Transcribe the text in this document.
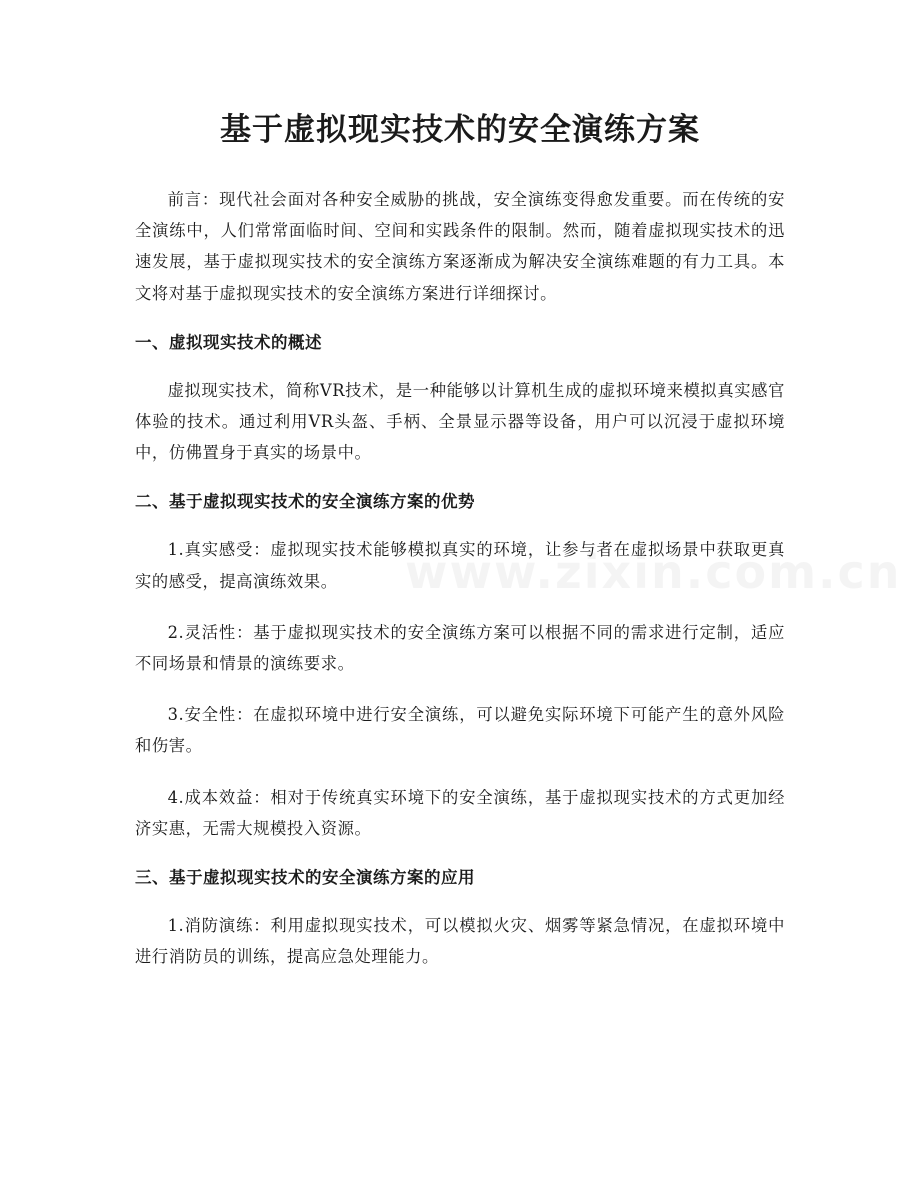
基于虚拟现实技术的安全演练方案

前言：现代社会面对各种安全威胁的挑战，安全演练变得愈发重要。而在传统的安全演练中，人们常常面临时间、空间和实践条件的限制。然而，随着虚拟现实技术的迅速发展，基于虚拟现实技术的安全演练方案逐渐成为解决安全演练难题的有力工具。本文将对基于虚拟现实技术的安全演练方案进行详细探讨。

一、虚拟现实技术的概述

虚拟现实技术，简称VR技术，是一种能够以计算机生成的虚拟环境来模拟真实感官体验的技术。通过利用VR头盔、手柄、全景显示器等设备，用户可以沉浸于虚拟环境中，仿佛置身于真实的场景中。

二、基于虚拟现实技术的安全演练方案的优势

1.真实感受：虚拟现实技术能够模拟真实的环境，让参与者在虚拟场景中获取更真实的感受，提高演练效果。

2.灵活性：基于虚拟现实技术的安全演练方案可以根据不同的需求进行定制，适应不同场景和情景的演练要求。

3.安全性：在虚拟环境中进行安全演练，可以避免实际环境下可能产生的意外风险和伤害。

4.成本效益：相对于传统真实环境下的安全演练，基于虚拟现实技术的方式更加经济实惠，无需大规模投入资源。

三、基于虚拟现实技术的安全演练方案的应用

1.消防演练：利用虚拟现实技术，可以模拟火灾、烟雾等紧急情况，在虚拟环境中进行消防员的训练，提高应急处理能力。
